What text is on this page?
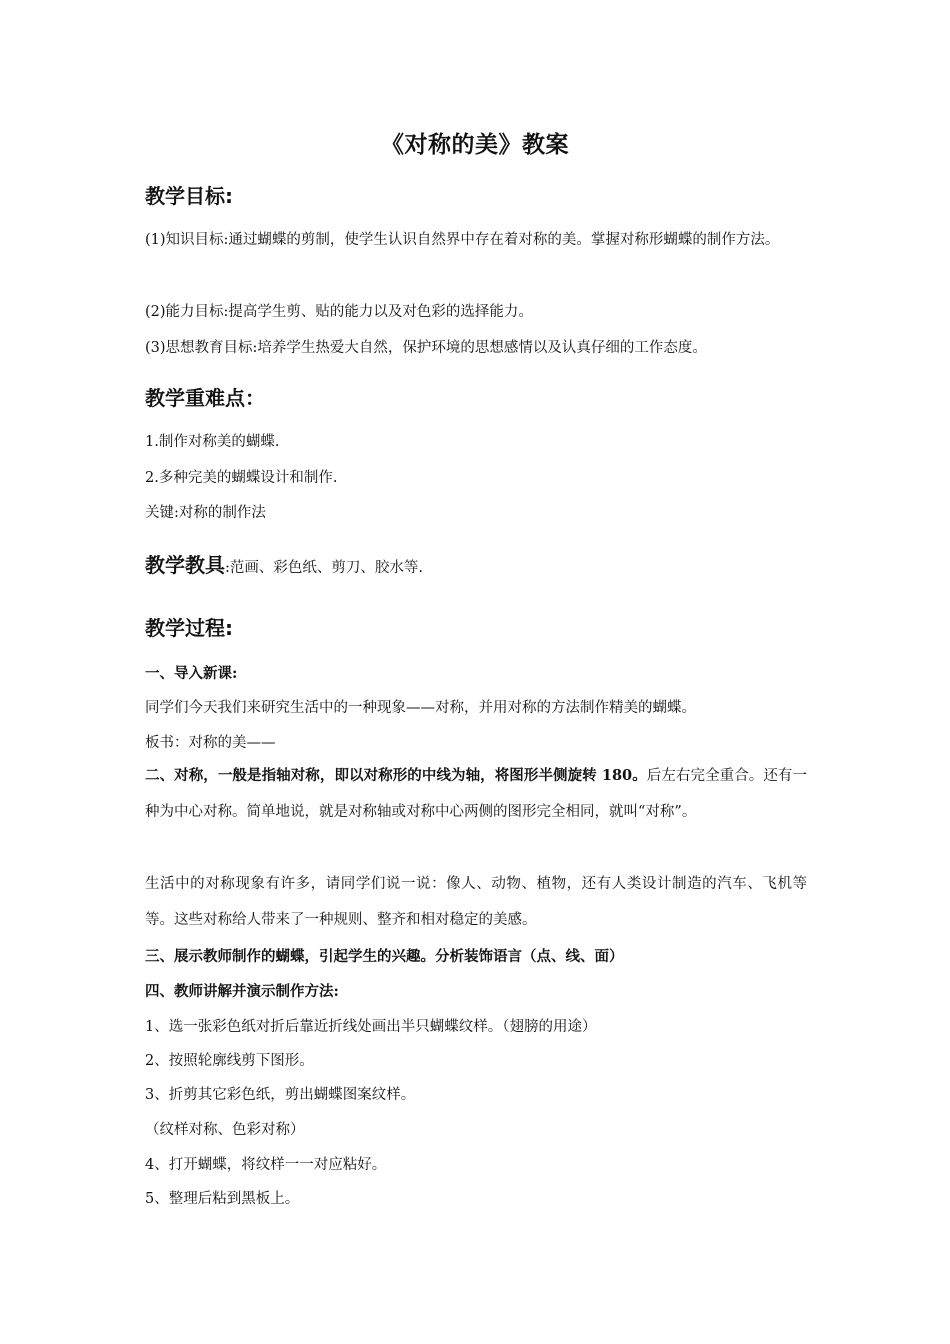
《对称的美》教案
教学目标:
(1)知识目标:通过蝴蝶的剪制，使学生认识自然界中存在着对称的美。掌握对称形蝴蝶的制作方法。
(2)能力目标:提高学生剪、贴的能力以及对色彩的选择能力。
(3)思想教育目标:培养学生热爱大自然，保护环境的思想感情以及认真仔细的工作态度。
教学重难点：
1.制作对称美的蝴蝶.
2.多种完美的蝴蝶设计和制作.
关键:对称的制作法
教学教具:范画、彩色纸、剪刀、胶水等.
教学过程:
一、导入新课:
同学们今天我们来研究生活中的一种现象——对称，并用对称的方法制作精美的蝴蝶。
板书：对称的美——
二、对称，一般是指轴对称，即以对称形的中线为轴，将图形半侧旋转 180。后左右完全重合。还有一种为中心对称。简单地说，就是对称轴或对称中心两侧的图形完全相同，就叫“对称”。
生活中的对称现象有许多，请同学们说一说：像人、动物、植物，还有人类设计制造的汽车、飞机等等。这些对称给人带来了一种规则、整齐和相对稳定的美感。
三、展示教师制作的蝴蝶，引起学生的兴趣。分析装饰语言（点、线、面）
四、教师讲解并演示制作方法:
1、选一张彩色纸对折后靠近折线处画出半只蝴蝶纹样。（翅膀的用途）
2、按照轮廓线剪下图形。
3、折剪其它彩色纸，剪出蝴蝶图案纹样。
（纹样对称、色彩对称）
4、打开蝴蝶，将纹样一一对应粘好。
5、整理后粘到黑板上。
